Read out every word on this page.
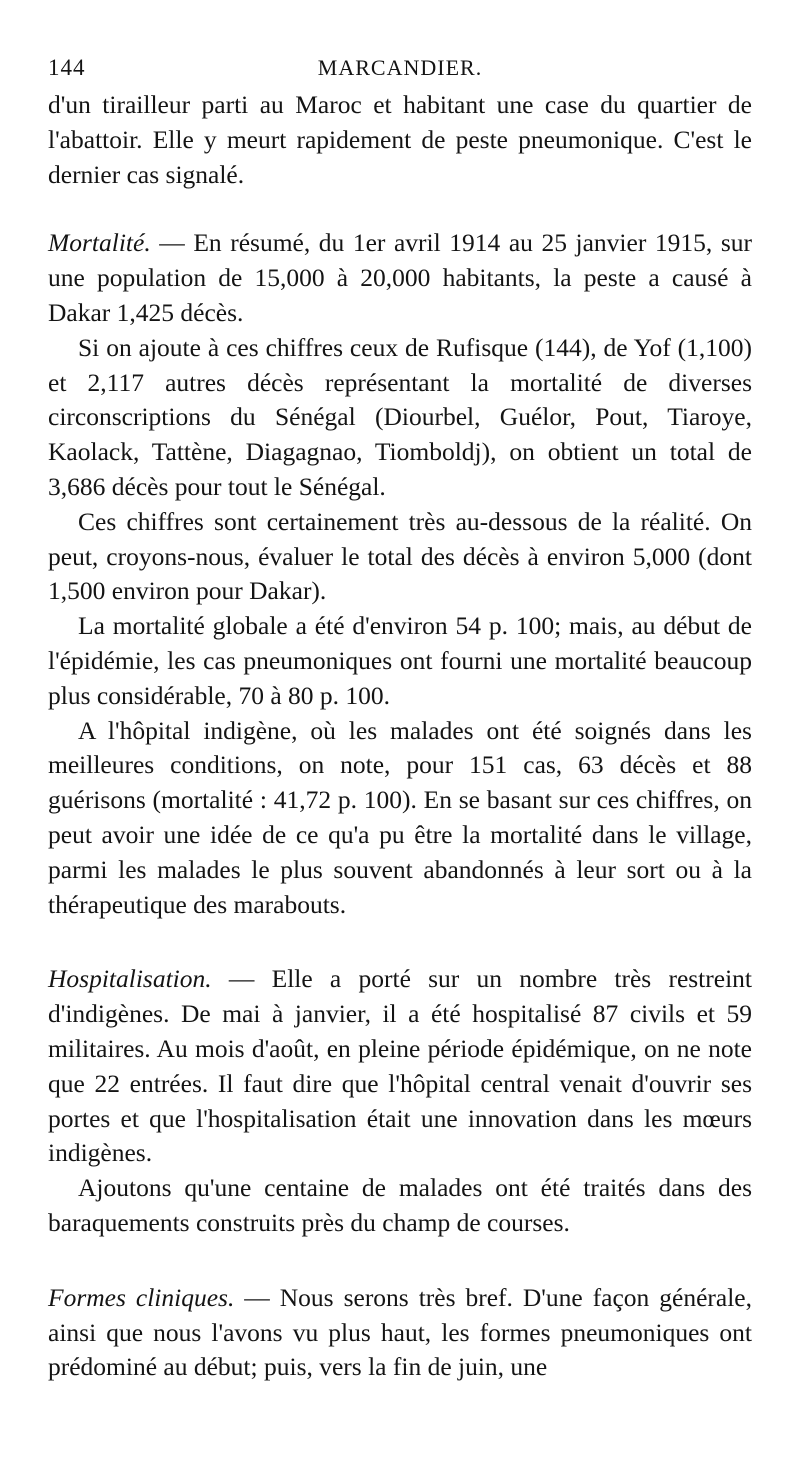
144	MARCANDIER.

d'un tirailleur parti au Maroc et habitant une case du quartier de l'abattoir. Elle y meurt rapidement de peste pneumonique. C'est le dernier cas signalé.

Mortalité. — En résumé, du 1er avril 1914 au 25 janvier 1915, sur une population de 15,000 à 20,000 habitants, la peste a causé à Dakar 1,425 décès.

Si on ajoute à ces chiffres ceux de Rufisque (144), de Yof (1,100) et 2,117 autres décès représentant la mortalité de diverses circonscriptions du Sénégal (Diourbel, Guélor, Pout, Tiaroye, Kaolack, Tattène, Diagagnao, Tiomboldj), on obtient un total de 3,686 décès pour tout le Sénégal.

Ces chiffres sont certainement très au-dessous de la réalité. On peut, croyons-nous, évaluer le total des décès à environ 5,000 (dont 1,500 environ pour Dakar).

La mortalité globale a été d'environ 54 p. 100; mais, au début de l'épidémie, les cas pneumoniques ont fourni une mortalité beaucoup plus considérable, 70 à 80 p. 100.

A l'hôpital indigène, où les malades ont été soignés dans les meilleures conditions, on note, pour 151 cas, 63 décès et 88 guérisons (mortalité : 41,72 p. 100). En se basant sur ces chiffres, on peut avoir une idée de ce qu'a pu être la mortalité dans le village, parmi les malades le plus souvent abandonnés à leur sort ou à la thérapeutique des marabouts.

Hospitalisation. — Elle a porté sur un nombre très restreint d'indigènes. De mai à janvier, il a été hospitalisé 87 civils et 59 militaires. Au mois d'août, en pleine période épidémique, on ne note que 22 entrées. Il faut dire que l'hôpital central venait d'ouvrir ses portes et que l'hospitalisation était une innovation dans les mœurs indigènes.

Ajoutons qu'une centaine de malades ont été traités dans des baraquements construits près du champ de courses.

Formes cliniques. — Nous serons très bref. D'une façon générale, ainsi que nous l'avons vu plus haut, les formes pneumoniques ont prédominé au début; puis, vers la fin de juin, une
